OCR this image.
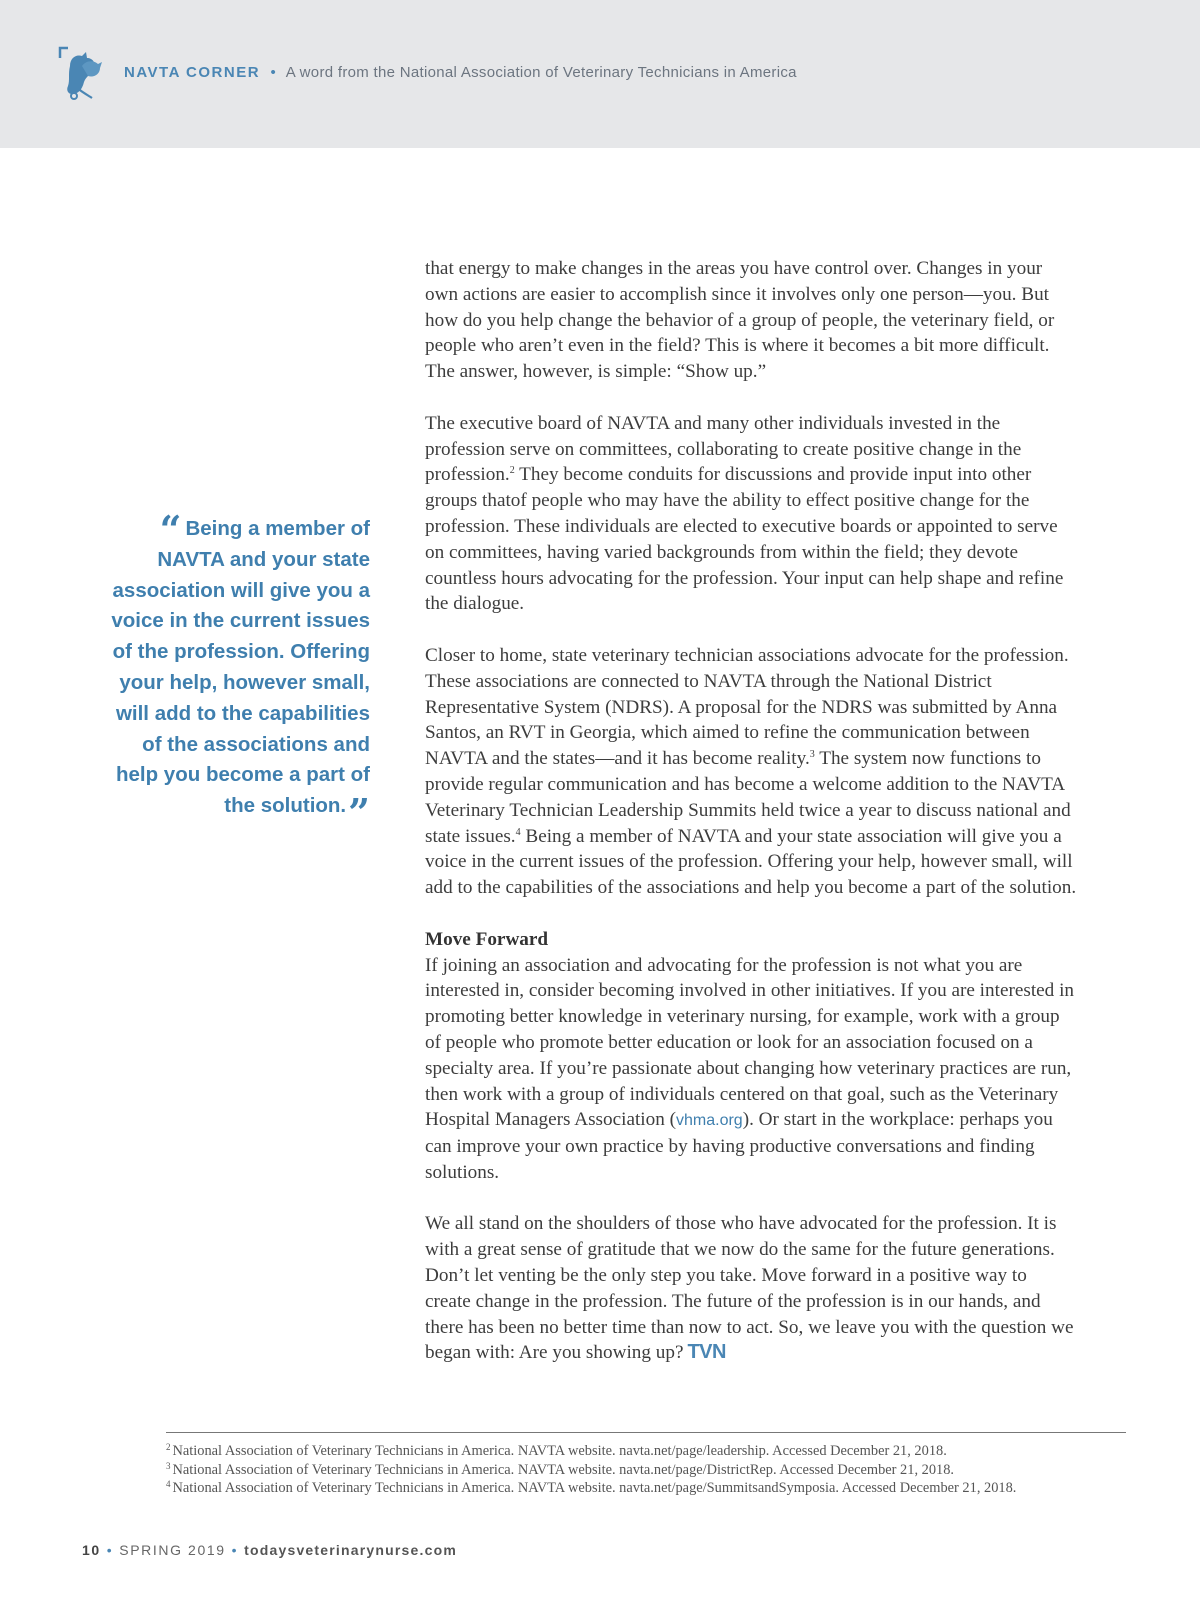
NAVTA CORNER • A word from the National Association of Veterinary Technicians in America
“ Being a member of NAVTA and your state association will give you a voice in the current issues of the profession. Offering your help, however small, will add to the capabilities of the associations and help you become a part of the solution.”

that energy to make changes in the areas you have control over. Changes in your own actions are easier to accomplish since it involves only one person—you. But how do you help change the behavior of a group of people, the veterinary field, or people who aren’t even in the field? This is where it becomes a bit more difficult. The answer, however, is simple: “Show up.”

The executive board of NAVTA and many other individuals invested in the profession serve on committees, collaborating to create positive change in the profession.$^2$ They become conduits for discussions and provide input into other groups thatof people who may have the ability to effect positive change for the profession. These individuals are elected to executive boards or appointed to serve on committees, having varied backgrounds from within the field; they devote countless hours advocating for the profession. Your input can help shape and refine the dialogue.

Closer to home, state veterinary technician associations advocate for the profession. These associations are connected to NAVTA through the National District Representative System (NDRS). A proposal for the NDRS was submitted by Anna Santos, an RVT in Georgia, which aimed to refine the communication between NAVTA and the states—and it has become reality.$^3$ The system now functions to provide regular communication and has become a welcome addition to the NAVTA Veterinary Technician Leadership Summits held twice a year to discuss national and state issues.$^4$ Being a member of NAVTA and your state association will give you a voice in the current issues of the profession. Offering your help, however small, will add to the capabilities of the associations and help you become a part of the solution.

Move Forward

If joining an association and advocating for the profession is not what you are interested in, consider becoming involved in other initiatives. If you are interested in promoting better knowledge in veterinary nursing, for example, work with a group of people who promote better education or look for an association focused on a specialty area. If you’re passionate about changing how veterinary practices are run, then work with a group of individuals centered on that goal, such as the Veterinary Hospital Managers Association (vhma.org). Or start in the workplace: perhaps you can improve your own practice by having productive conversations and finding solutions.

We all stand on the shoulders of those who have advocated for the profession. It is with a great sense of gratitude that we now do the same for the future generations. Don’t let venting be the only step you take. Move forward in a positive way to create change in the profession. The future of the profession is in our hands, and there has been no better time than now to act. So, we leave you with the question we began with: Are you showing up? TVN

$^2$ National Association of Veterinary Technicians in America. NAVTA website. navta.net/page/leadership. Accessed December 21, 2018.
$^3$ National Association of Veterinary Technicians in America. NAVTA website. navta.net/page/DistrictRep. Accessed December 21, 2018.
$^4$ National Association of Veterinary Technicians in America. NAVTA website. navta.net/page/SummitsandSymposia. Accessed December 21, 2018.
10 • SPRING 2019 • todaysveterinarynurse.com
